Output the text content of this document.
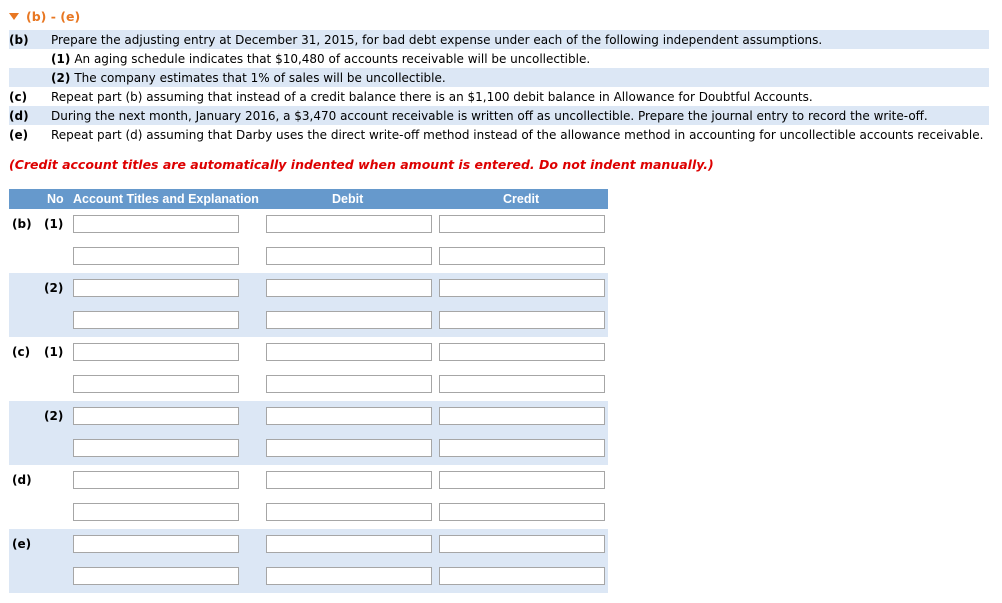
(b) - (e)
(b)	Prepare the adjusting entry at December 31, 2015, for bad debt expense under each of the following independent assumptions.
(1) An aging schedule indicates that $10,480 of accounts receivable will be uncollectible.
(2) The company estimates that 1% of sales will be uncollectible.
(c)	Repeat part (b) assuming that instead of a credit balance there is an $1,100 debit balance in Allowance for Doubtful Accounts.
(d)	During the next month, January 2016, a $3,470 account receivable is written off as uncollectible. Prepare the journal entry to record the write-off.
(e)	Repeat part (d) assuming that Darby uses the direct write-off method instead of the allowance method in accounting for uncollectible accounts receivable.
(Credit account titles are automatically indented when amount is entered. Do not indent manually.)
No Account Titles and Explanation	Debit	Credit
(b) (1)
(2)
(c) (1)
(2)
(d)
(e)
